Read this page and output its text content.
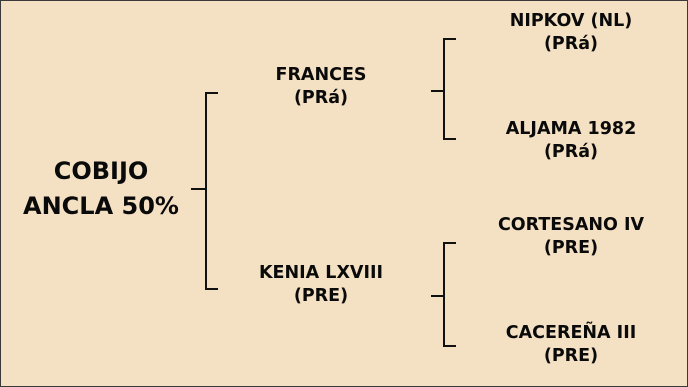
COBIJO
ANCLA 50%
FRANCES
(PRá)
KENIA LXVIII
(PRE)
NIPKOV (NL)
(PRá)
ALJAMA 1982
(PRá)
CORTESANO IV
(PRE)
CACEREÑA III
(PRE)
